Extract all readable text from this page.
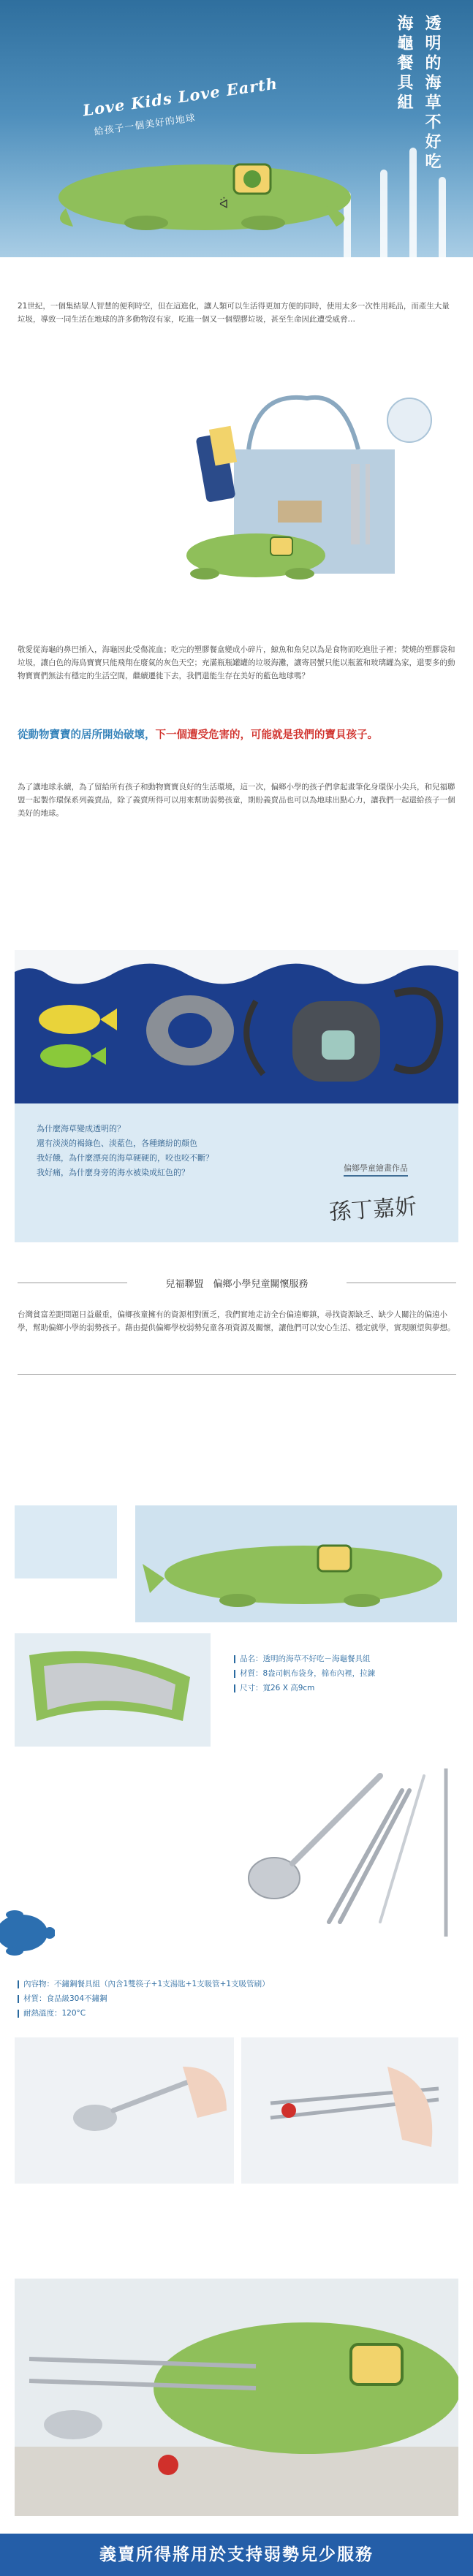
ᐛ
Love Kids Love Earth
給孩子一個美好的地球	透明的海草不好吃
海龜餐具組
21世紀，一個集結眾人智慧的便利時空，但在這進化，讓人類可以生活得更加方便的同時，使用太多一次性用耗品，而產生大量垃圾，導致一同生活在地球的許多動物沒有家，吃進一個又一個塑膠垃圾，甚至生命因此遭受威脅…
敬愛從海龜的鼻巴插入，海龜因此受傷流血；吃完的塑膠餐盒變成小碎片，鯨魚和魚兒以為是食物而吃進肚子裡；焚燒的塑膠袋和垃圾，讓白色的海鳥寶寶只能飛翔在廢氣的灰色天空；充滿瓶瓶罐罐的垃圾海灘，讓寄居蟹只能以瓶蓋和玻璃罐為家，還要多的動物寶寶們無法有穩定的生活空間，繼續遷徙下去，我們還能生存在美好的藍色地球嗎？
從動物寶寶的居所開始破壞，下一個遭受危害的，可能就是我們的寶貝孩子。
為了讓地球永續，為了留給所有孩子和動物寶寶良好的生活環境，這一次，偏鄉小學的孩子們拿起畫筆化身環保小尖兵，和兒福聯盟一起製作環保系列義賣品，除了義賣所得可以用來幫助弱勢孩童，期盼義賣品也可以為地球出點心力，讓我們一起還給孩子一個美好的地球。
為什麼海草變成透明的？
還有淡淡的褐綠色、淡藍色，各種繽紛的顏色
我好餓，為什麼漂亮的海草硬硬的，咬也咬不斷？
我好痛，為什麼身旁的海水被染成紅色的？	偏鄉學童繪畫作品
孫丁嘉妡
兒福聯盟　偏鄉小學兒童關懷服務
台灣貧富差距問題日益嚴重，偏鄉孩童擁有的資源相對匱乏，我們實地走訪全台偏遠鄉鎮，尋找資源缺乏、缺少人關注的偏遠小學，幫助偏鄉小學的弱勢孩子。藉由提供偏鄉學校弱勢兒童各項資源及關懷，讓他們可以安心生活、穩定就學，實現願望與夢想。
品名：透明的海草不好吃－海龜餐具組
材質：8盎司帆布袋身，棉布內裡，拉鍊
尺寸：寬26 X 高9cm
內容物：不鏽鋼餐具組（內含1雙筷子+1支湯匙+1支吸管+1支吸管刷）
材質：食品級304不鏽鋼
耐熱溫度：120°C
義賣所得將用於支持弱勢兒少服務
